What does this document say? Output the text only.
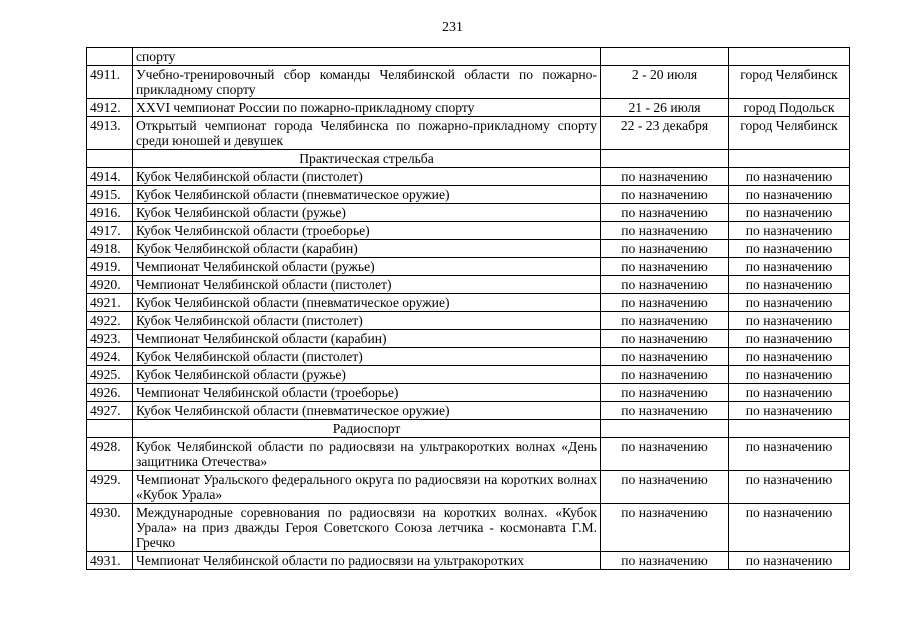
231
	спорту		
4911.	Учебно-тренировочный сбор команды Челябинской области по пожарно-прикладному спорту	2 - 20 июля	город Челябинск
4912.	XXVI чемпионат России по пожарно-прикладному спорту	21 - 26 июля	город Подольск
4913.	Открытый чемпионат города Челябинска по пожарно-прикладному спорту среди юношей и девушек	22 - 23 декабря	город Челябинск
	Практическая стрельба		
4914.	Кубок Челябинской области (пистолет)	по назначению	по назначению
4915.	Кубок Челябинской области (пневматическое оружие)	по назначению	по назначению
4916.	Кубок Челябинской области (ружье)	по назначению	по назначению
4917.	Кубок Челябинской области (троеборье)	по назначению	по назначению
4918.	Кубок Челябинской области (карабин)	по назначению	по назначению
4919.	Чемпионат Челябинской области (ружье)	по назначению	по назначению
4920.	Чемпионат Челябинской области (пистолет)	по назначению	по назначению
4921.	Кубок Челябинской области (пневматическое оружие)	по назначению	по назначению
4922.	Кубок Челябинской области (пистолет)	по назначению	по назначению
4923.	Чемпионат Челябинской области (карабин)	по назначению	по назначению
4924.	Кубок Челябинской области (пистолет)	по назначению	по назначению
4925.	Кубок Челябинской области (ружье)	по назначению	по назначению
4926.	Чемпионат Челябинской области (троеборье)	по назначению	по назначению
4927.	Кубок Челябинской области (пневматическое оружие)	по назначению	по назначению
	Радиоспорт		
4928.	Кубок Челябинской области по радиосвязи на ультракоротких волнах «День защитника Отечества»	по назначению	по назначению
4929.	Чемпионат Уральского федерального округа по радиосвязи на коротких волнах «Кубок Урала»	по назначению	по назначению
4930.	Международные соревнования по радиосвязи на коротких волнах. «Кубок Урала» на приз дважды Героя Советского Союза летчика - космонавта Г.М. Гречко	по назначению	по назначению
4931.	Чемпионат Челябинской области по радиосвязи на ультракоротких	по назначению	по назначению
